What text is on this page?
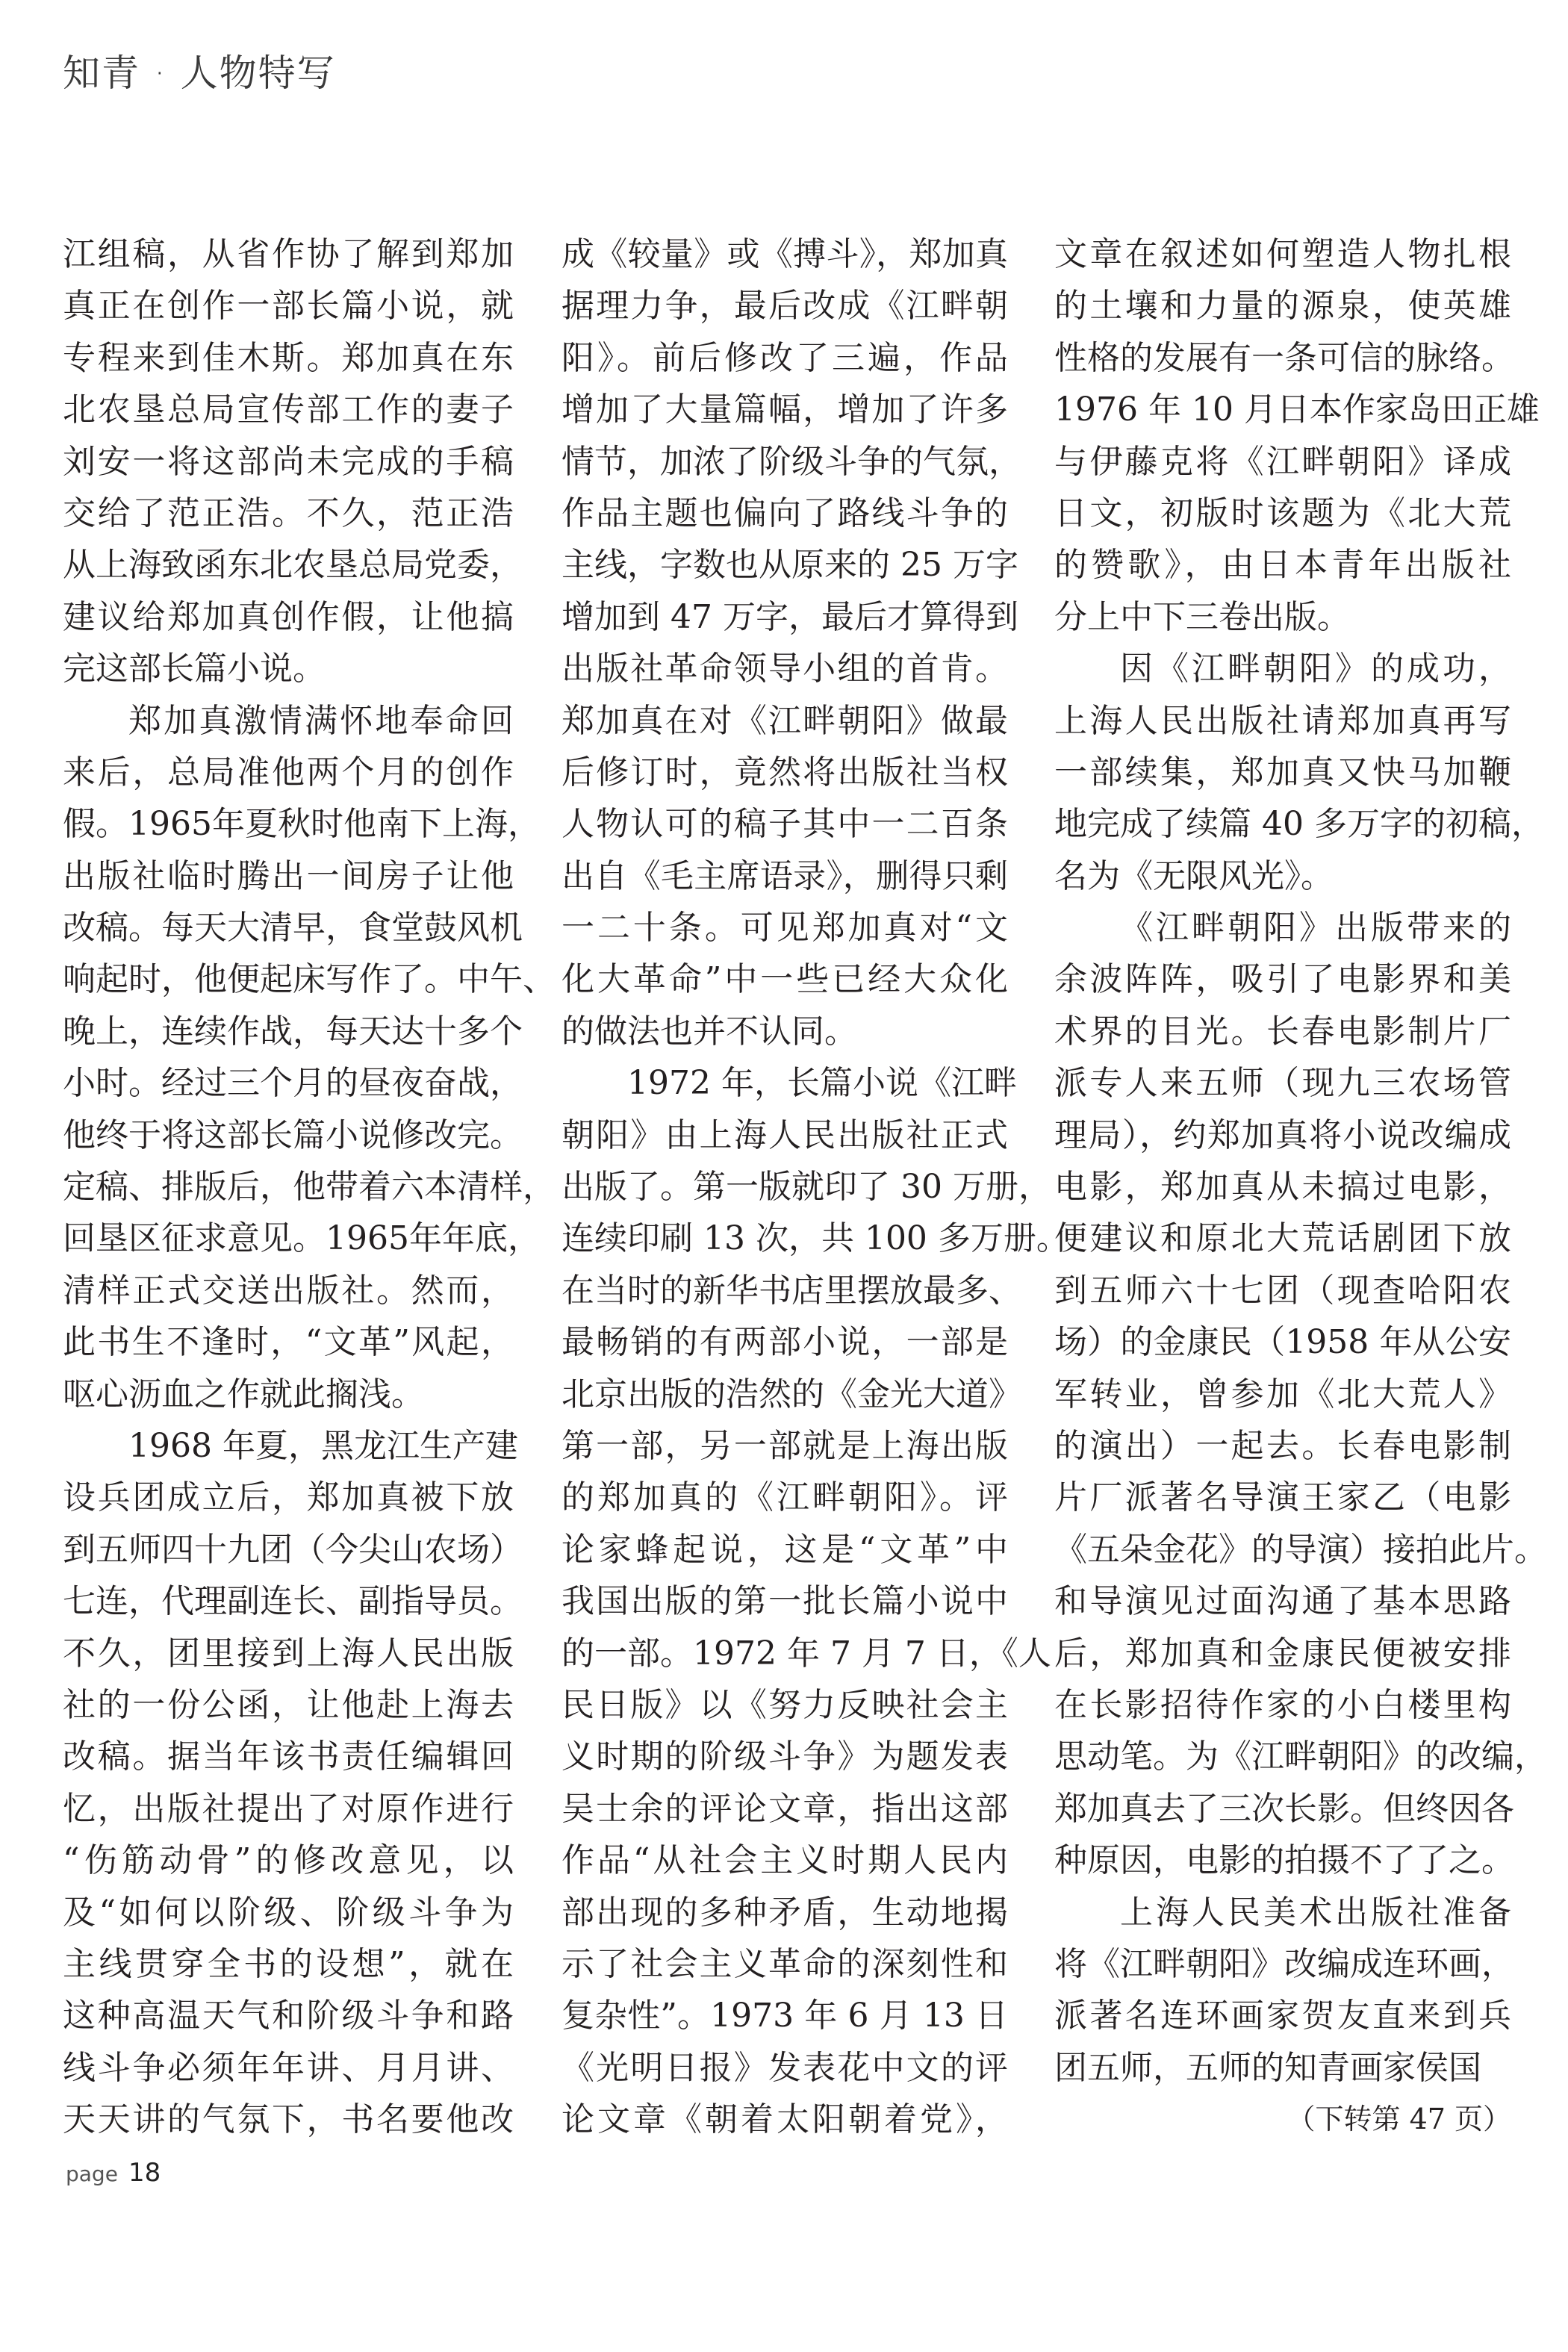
知青 · 人物特写
江组稿，从省作协了解到郑加
真正在创作一部长篇小说，就
专程来到佳木斯。郑加真在东
北农垦总局宣传部工作的妻子
刘安一将这部尚未完成的手稿
交给了范正浩。不久，范正浩
从上海致函东北农垦总局党委，
建议给郑加真创作假，让他搞
完这部长篇小说。
郑加真激情满怀地奉命回
来后，总局准他两个月的创作
假。1965年夏秋时他南下上海，
出版社临时腾出一间房子让他
改稿。每天大清早，食堂鼓风机
响起时，他便起床写作了。中午、
晚上，连续作战，每天达十多个
小时。经过三个月的昼夜奋战，
他终于将这部长篇小说修改完。
定稿、排版后，他带着六本清样，
回垦区征求意见。1965年年底，
清样正式交送出版社。然而，
此书生不逢时，“文革”风起，
呕心沥血之作就此搁浅。
1968 年夏，黑龙江生产建
设兵团成立后，郑加真被下放
到五师四十九团（今尖山农场）
七连，代理副连长、副指导员。
不久，团里接到上海人民出版
社的一份公函，让他赴上海去
改稿。据当年该书责任编辑回
忆，出版社提出了对原作进行
“伤筋动骨”的修改意见，以
及“如何以阶级、阶级斗争为
主线贯穿全书的设想”，就在
这种高温天气和阶级斗争和路
线斗争必须年年讲、月月讲、
天天讲的气氛下，书名要他改
成《较量》或《搏斗》，郑加真
据理力争，最后改成《江畔朝
阳》。前后修改了三遍，作品
增加了大量篇幅，增加了许多
情节，加浓了阶级斗争的气氛，
作品主题也偏向了路线斗争的
主线，字数也从原来的 25 万字
增加到 47 万字，最后才算得到
出版社革命领导小组的首肯。
郑加真在对《江畔朝阳》做最
后修订时，竟然将出版社当权
人物认可的稿子其中一二百条
出自《毛主席语录》，删得只剩
一二十条。可见郑加真对“文
化大革命”中一些已经大众化
的做法也并不认同。
1972 年，长篇小说《江畔
朝阳》由上海人民出版社正式
出版了。第一版就印了 30 万册，
连续印刷 13 次，共 100 多万册。
在当时的新华书店里摆放最多、
最畅销的有两部小说，一部是
北京出版的浩然的《金光大道》
第一部，另一部就是上海出版
的郑加真的《江畔朝阳》。评
论家蜂起说，这是“文革”中
我国出版的第一批长篇小说中
的一部。1972 年 7 月 7 日，《人
民日版》以《努力反映社会主
义时期的阶级斗争》为题发表
吴士余的评论文章，指出这部
作品“从社会主义时期人民内
部出现的多种矛盾，生动地揭
示了社会主义革命的深刻性和
复杂性”。1973 年 6 月 13 日
《光明日报》发表花中文的评
论文章《朝着太阳朝着党》，
文章在叙述如何塑造人物扎根
的土壤和力量的源泉，使英雄
性格的发展有一条可信的脉络。
1976 年 10 月日本作家岛田正雄
与伊藤克将《江畔朝阳》译成
日文，初版时该题为《北大荒
的赞歌》，由日本青年出版社
分上中下三卷出版。
因《江畔朝阳》的成功，
上海人民出版社请郑加真再写
一部续集，郑加真又快马加鞭
地完成了续篇 40 多万字的初稿，
名为《无限风光》。
《江畔朝阳》出版带来的
余波阵阵，吸引了电影界和美
术界的目光。长春电影制片厂
派专人来五师（现九三农场管
理局），约郑加真将小说改编成
电影，郑加真从未搞过电影，
便建议和原北大荒话剧团下放
到五师六十七团（现查哈阳农
场）的金康民（1958 年从公安
军转业，曾参加《北大荒人》
的演出）一起去。长春电影制
片厂派著名导演王家乙（电影
《五朵金花》的导演）接拍此片。
和导演见过面沟通了基本思路
后，郑加真和金康民便被安排
在长影招待作家的小白楼里构
思动笔。为《江畔朝阳》的改编，
郑加真去了三次长影。但终因各
种原因，电影的拍摄不了了之。
上海人民美术出版社准备
将《江畔朝阳》改编成连环画，
派著名连环画家贺友直来到兵
团五师，五师的知青画家侯国
（下转第 47 页）
page 18
